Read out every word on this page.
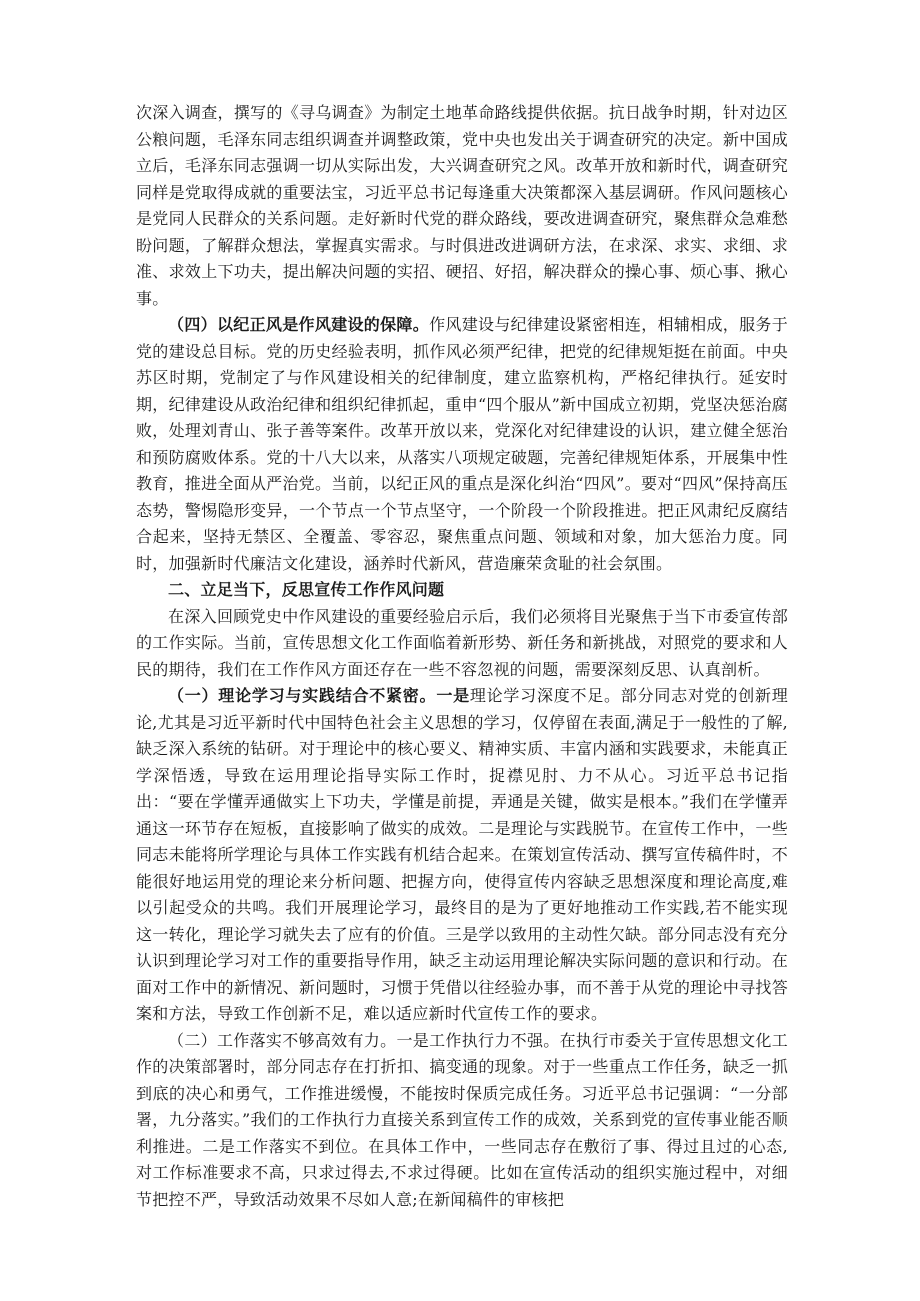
次深入调查，撰写的《寻乌调查》为制定土地革命路线提供依据。抗日战争时期，针对边区公粮问题，毛泽东同志组织调查并调整政策，党中央也发出关于调查研究的决定。新中国成立后，毛泽东同志强调一切从实际出发，大兴调查研究之风。改革开放和新时代，调查研究同样是党取得成就的重要法宝，习近平总书记每逢重大决策都深入基层调研。作风问题核心是党同人民群众的关系问题。走好新时代党的群众路线，要改进调查研究，聚焦群众急难愁盼问题，了解群众想法，掌握真实需求。与时俱进改进调研方法，在求深、求实、求细、求准、求效上下功夫，提出解决问题的实招、硬招、好招，解决群众的操心事、烦心事、揪心事。

（四）以纪正风是作风建设的保障。作风建设与纪律建设紧密相连，相辅相成，服务于党的建设总目标。党的历史经验表明，抓作风必须严纪律，把党的纪律规矩挺在前面。中央苏区时期，党制定了与作风建设相关的纪律制度，建立监察机构，严格纪律执行。延安时期，纪律建设从政治纪律和组织纪律抓起，重申“四个服从”新中国成立初期，党坚决惩治腐败，处理刘青山、张子善等案件。改革开放以来，党深化对纪律建设的认识，建立健全惩治和预防腐败体系。党的十八大以来，从落实八项规定破题，完善纪律规矩体系，开展集中性教育，推进全面从严治党。当前，以纪正风的重点是深化纠治“四风”。要对“四风”保持高压态势，警惕隐形变异，一个节点一个节点坚守，一个阶段一个阶段推进。把正风肃纪反腐结合起来，坚持无禁区、全覆盖、零容忍，聚焦重点问题、领域和对象，加大惩治力度。同时，加强新时代廉洁文化建设，涵养时代新风，营造廉荣贪耻的社会氛围。

二、立足当下，反思宣传工作作风问题

在深入回顾党史中作风建设的重要经验启示后，我们必须将目光聚焦于当下市委宣传部的工作实际。当前，宣传思想文化工作面临着新形势、新任务和新挑战，对照党的要求和人民的期待，我们在工作作风方面还存在一些不容忽视的问题，需要深刻反思、认真剖析。

（一）理论学习与实践结合不紧密。一是理论学习深度不足。部分同志对党的创新理论,尤其是习近平新时代中国特色社会主义思想的学习，仅停留在表面,满足于一般性的了解,缺乏深入系统的钻研。对于理论中的核心要义、精神实质、丰富内涵和实践要求，未能真正学深悟透，导致在运用理论指导实际工作时，捉襟见肘、力不从心。习近平总书记指出：“要在学懂弄通做实上下功夫，学懂是前提，弄通是关键，做实是根本。”我们在学懂弄通这一环节存在短板，直接影响了做实的成效。二是理论与实践脱节。在宣传工作中，一些同志未能将所学理论与具体工作实践有机结合起来。在策划宣传活动、撰写宣传稿件时，不能很好地运用党的理论来分析问题、把握方向，使得宣传内容缺乏思想深度和理论高度,难以引起受众的共鸣。我们开展理论学习，最终目的是为了更好地推动工作实践,若不能实现这一转化，理论学习就失去了应有的价值。三是学以致用的主动性欠缺。部分同志没有充分认识到理论学习对工作的重要指导作用，缺乏主动运用理论解决实际问题的意识和行动。在面对工作中的新情况、新问题时，习惯于凭借以往经验办事，而不善于从党的理论中寻找答案和方法，导致工作创新不足，难以适应新时代宣传工作的要求。

（二）工作落实不够高效有力。一是工作执行力不强。在执行市委关于宣传思想文化工作的决策部署时，部分同志存在打折扣、搞变通的现象。对于一些重点工作任务，缺乏一抓到底的决心和勇气，工作推进缓慢，不能按时保质完成任务。习近平总书记强调：“一分部署，九分落实。”我们的工作执行力直接关系到宣传工作的成效，关系到党的宣传事业能否顺利推进。二是工作落实不到位。在具体工作中，一些同志存在敷衍了事、得过且过的心态,对工作标准要求不高，只求过得去,不求过得硬。比如在宣传活动的组织实施过程中，对细节把控不严，导致活动效果不尽如人意;在新闻稿件的审核把
